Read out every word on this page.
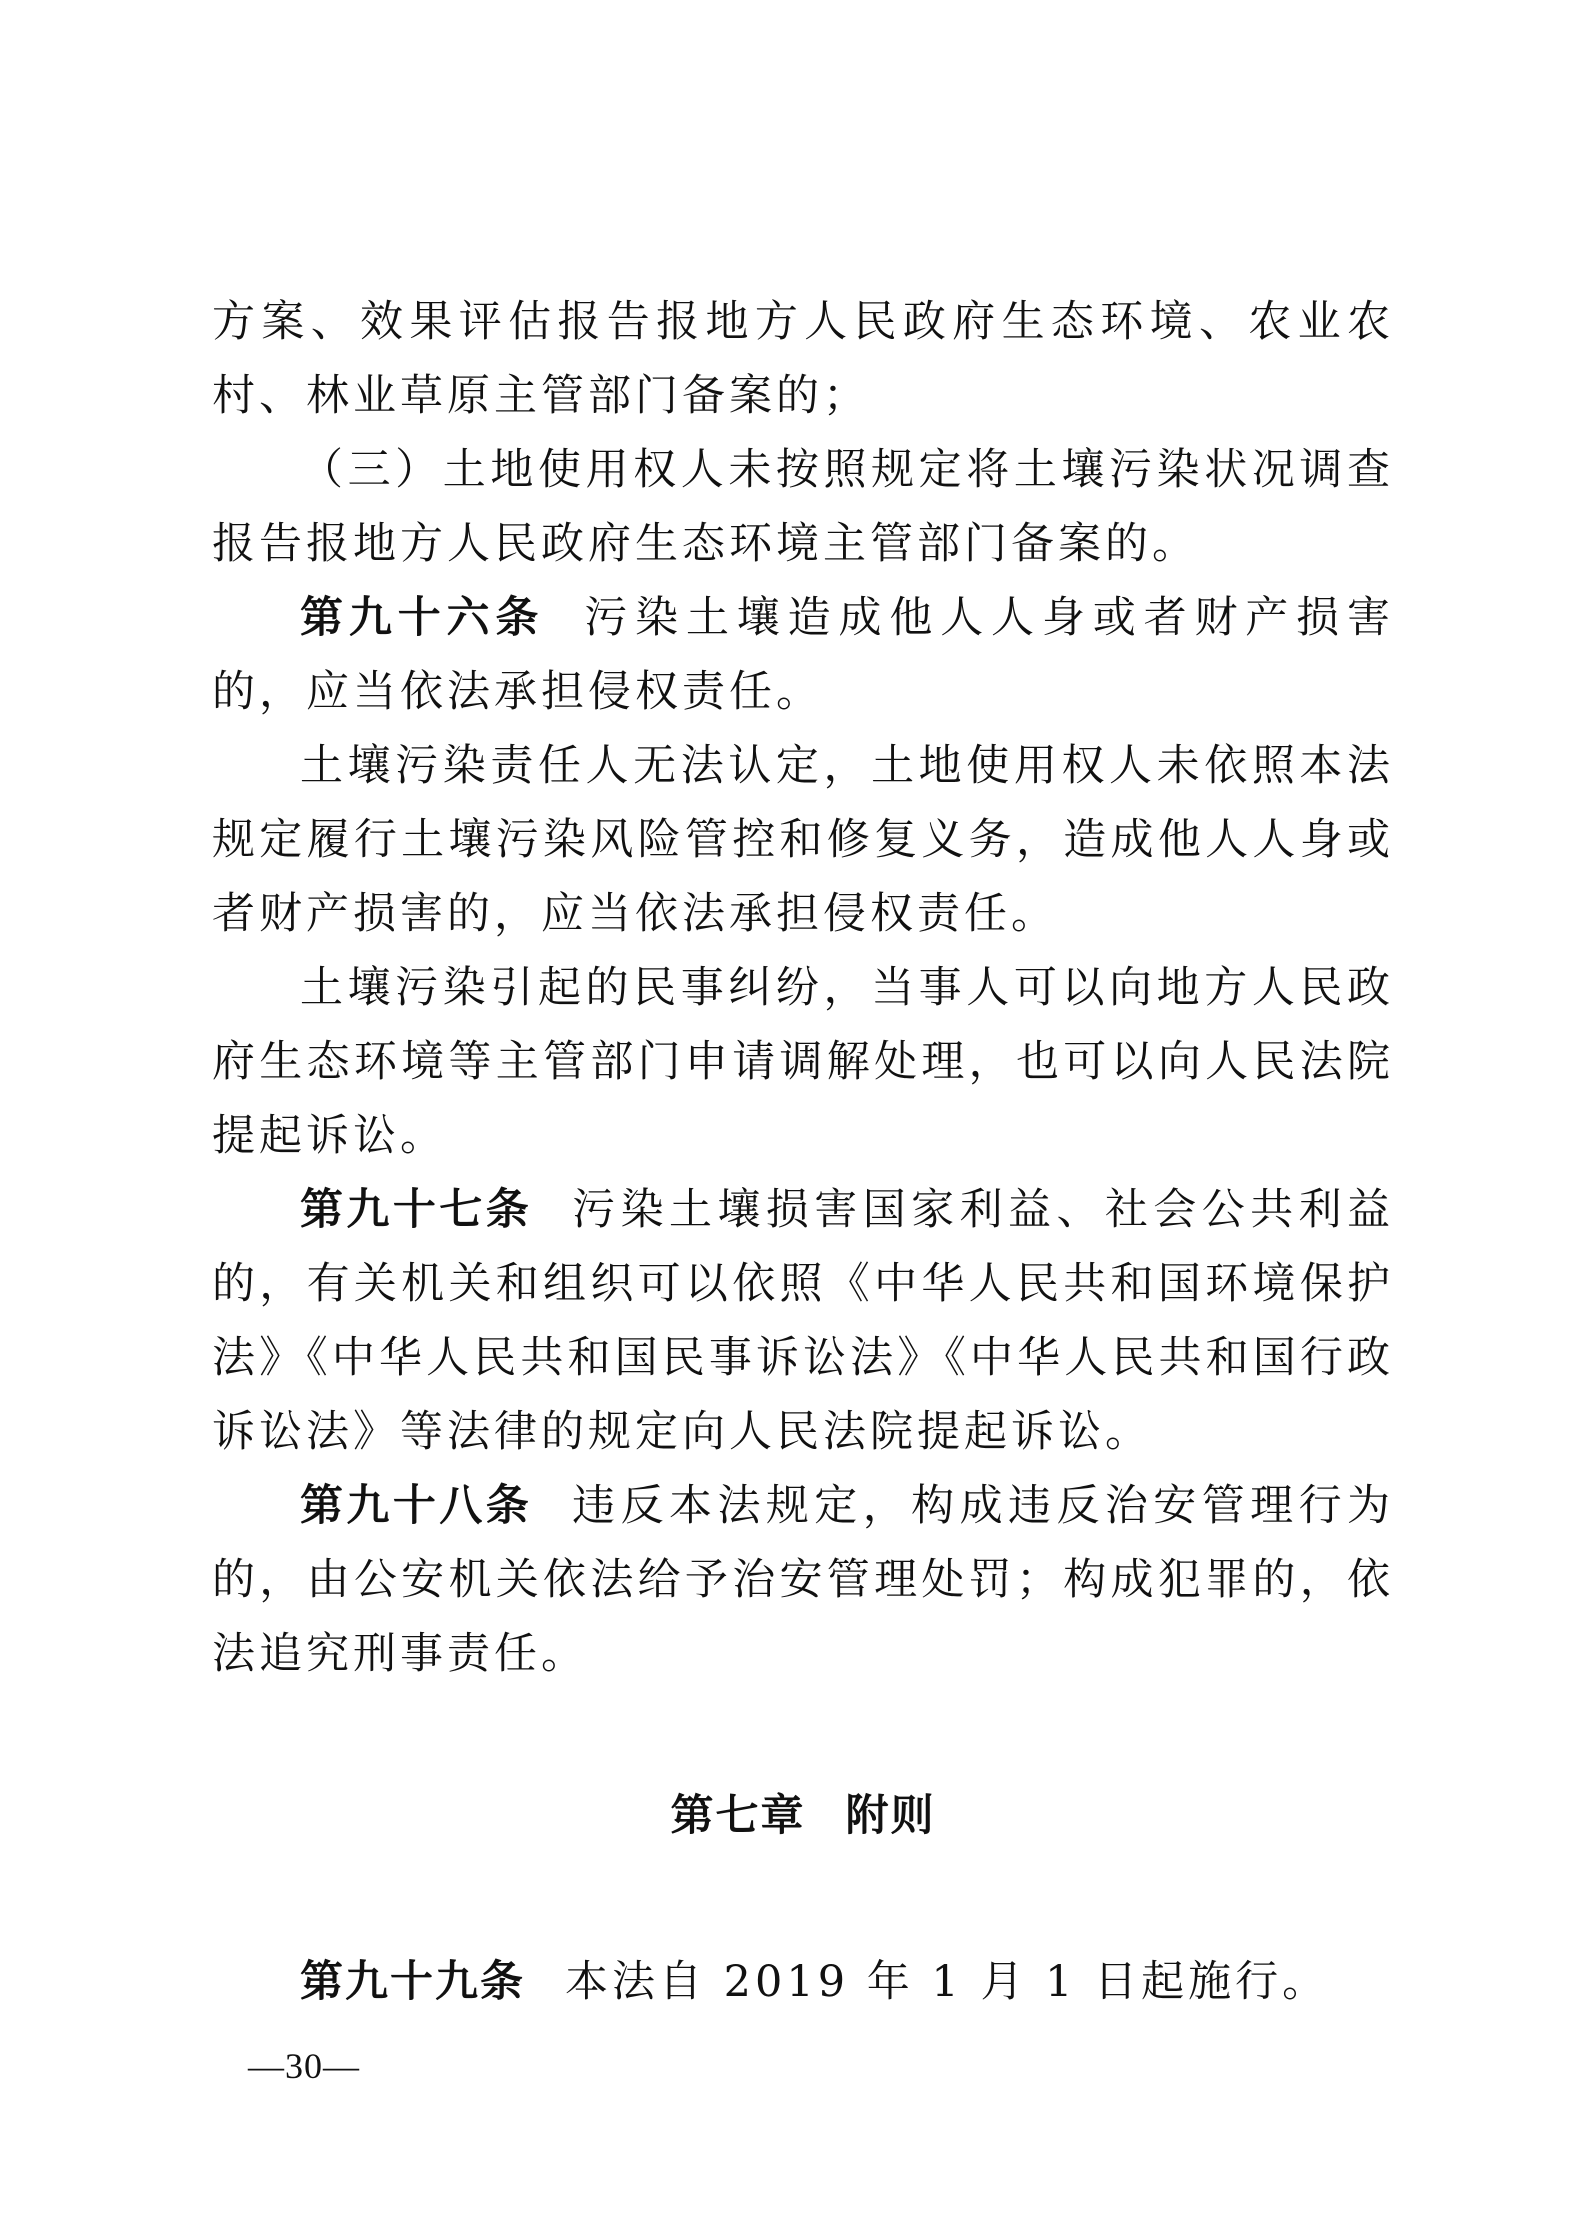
方案、效果评估报告报地方人民政府生态环境、农业农村、林业草原主管部门备案的；

（三）土地使用权人未按照规定将土壤污染状况调查报告报地方人民政府生态环境主管部门备案的。

第九十六条 污染土壤造成他人人身或者财产损害的，应当依法承担侵权责任。

土壤污染责任人无法认定，土地使用权人未依照本法规定履行土壤污染风险管控和修复义务，造成他人人身或者财产损害的，应当依法承担侵权责任。

土壤污染引起的民事纠纷，当事人可以向地方人民政府生态环境等主管部门申请调解处理，也可以向人民法院提起诉讼。

第九十七条 污染土壤损害国家利益、社会公共利益的，有关机关和组织可以依照《中华人民共和国环境保护法》《中华人民共和国民事诉讼法》《中华人民共和国行政诉讼法》等法律的规定向人民法院提起诉讼。

第九十八条 违反本法规定，构成违反治安管理行为的，由公安机关依法给予治安管理处罚；构成犯罪的，依法追究刑事责任。

第七章 附则

第九十九条 本法自 2019 年 1 月 1 日起施行。

—30—
